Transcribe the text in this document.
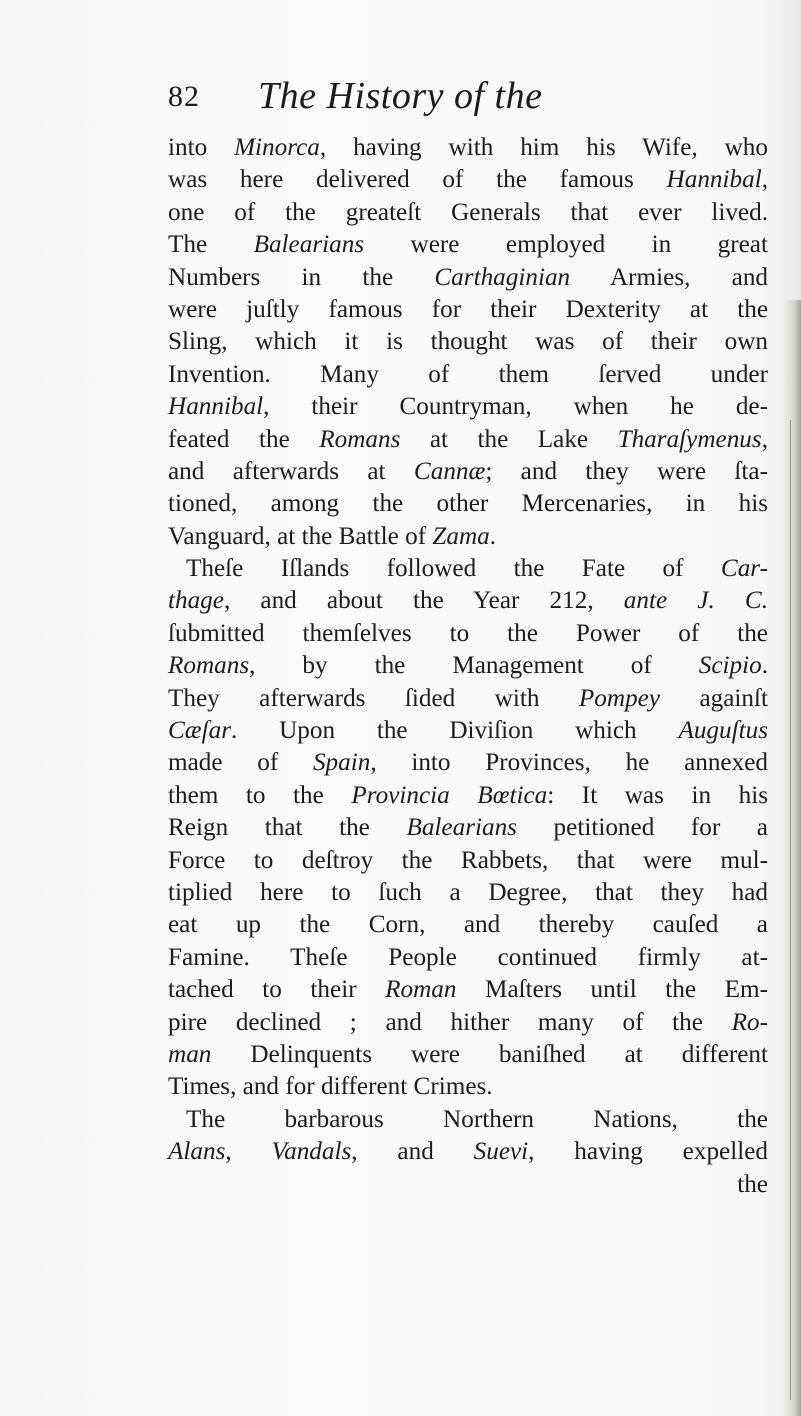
82 The History of the
into Minorca, having with him his Wife, who
was here delivered of the famous Hannibal,
one of the greateſt Generals that ever lived.
The Balearians were employed in great
Numbers in the Carthaginian Armies, and
were juſtly famous for their Dexterity at the
Sling, which it is thought was of their own
Invention. Many of them ſerved under
Hannibal, their Countryman, when he de-
feated the Romans at the Lake Tharaſymenus,
and afterwards at Cannæ; and they were ſta-
tioned, among the other Mercenaries, in his
Vanguard, at the Battle of Zama.
Theſe Iſlands followed the Fate of Car-
thage, and about the Year 212, ante J. C.
ſubmitted themſelves to the Power of the
Romans, by the Management of Scipio.
They afterwards ſided with Pompey againſt
Cæſar. Upon the Diviſion which Auguſtus
made of Spain, into Provinces, he annexed
them to the Provincia Bœtica: It was in his
Reign that the Balearians petitioned for a
Force to deſtroy the Rabbets, that were mul-
tiplied here to ſuch a Degree, that they had
eat up the Corn, and thereby cauſed a
Famine. Theſe People continued firmly at-
tached to their Roman Maſters until the Em-
pire declined ; and hither many of the Ro-
man Delinquents were baniſhed at different
Times, and for different Crimes.
The barbarous Northern Nations, the
Alans, Vandals, and Suevi, having expelled
the
